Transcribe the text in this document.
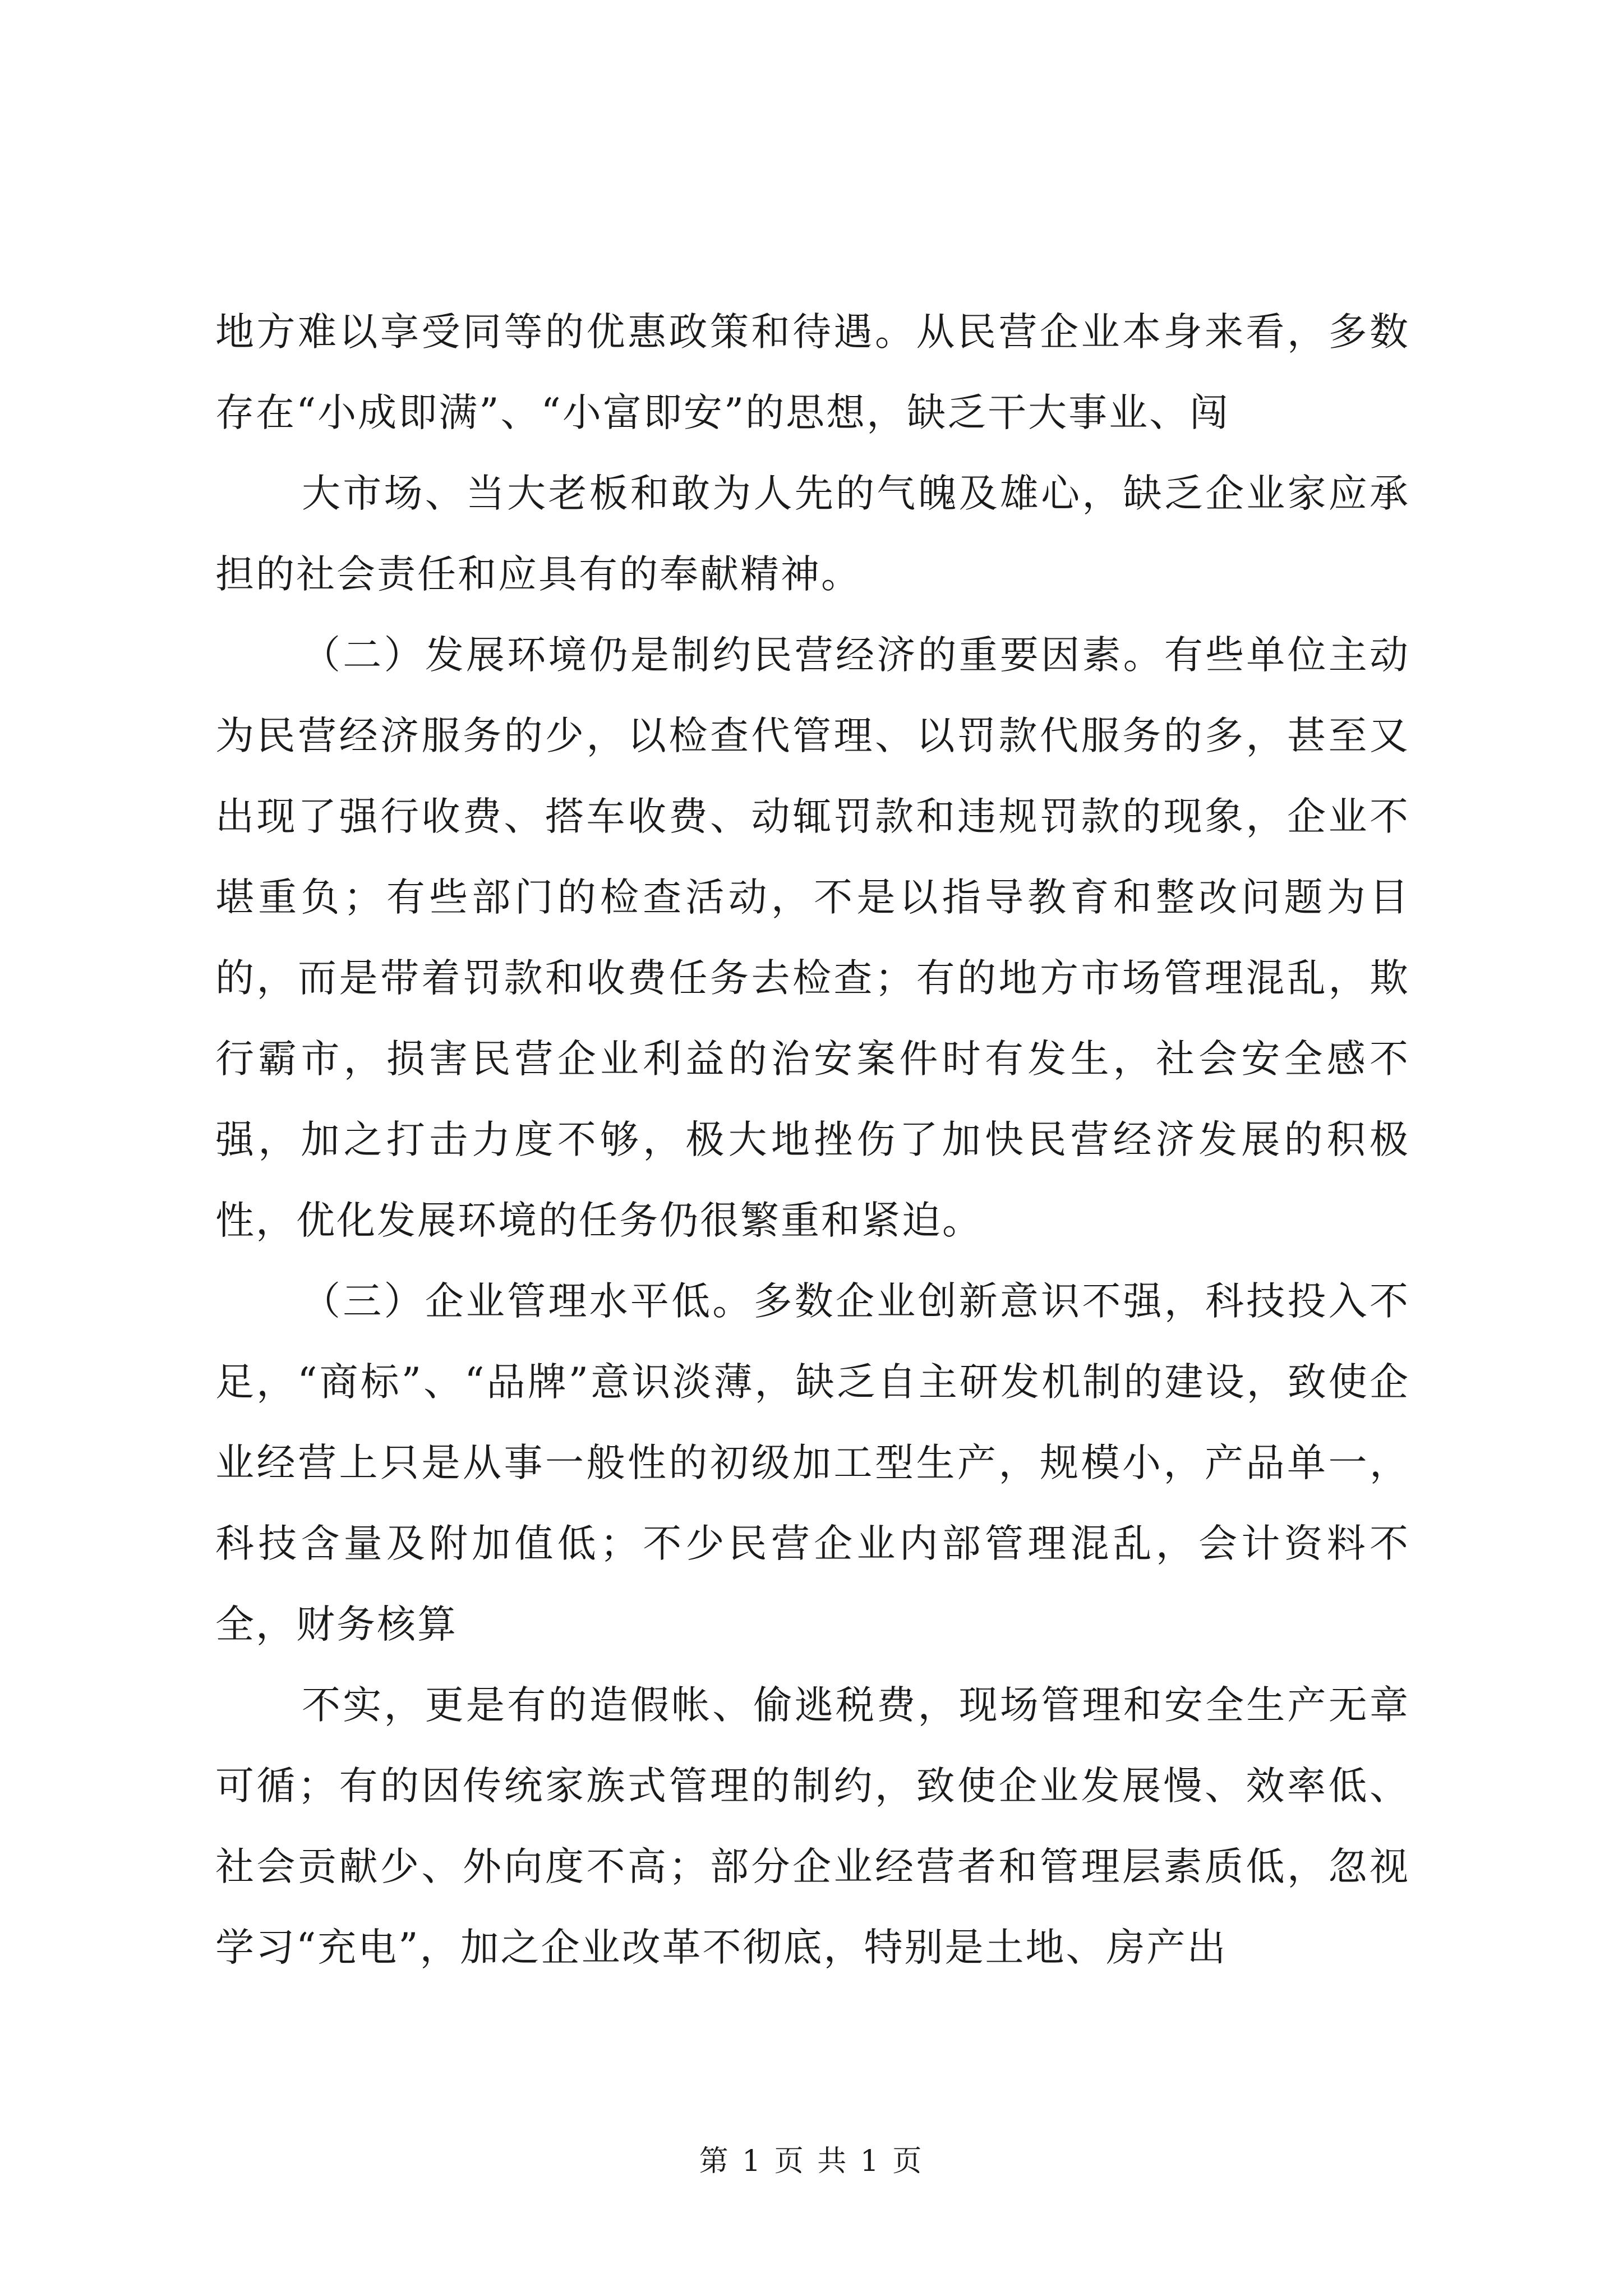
地方难以享受同等的优惠政策和待遇。从民营企业本身来看，多数存在“小成即满”、“小富即安”的思想，缺乏干大事业、闯

大市场、当大老板和敢为人先的气魄及雄心，缺乏企业家应承担的社会责任和应具有的奉献精神。

（二）发展环境仍是制约民营经济的重要因素。有些单位主动为民营经济服务的少，以检查代管理、以罚款代服务的多，甚至又出现了强行收费、搭车收费、动辄罚款和违规罚款的现象，企业不堪重负；有些部门的检查活动，不是以指导教育和整改问题为目的，而是带着罚款和收费任务去检查；有的地方市场管理混乱，欺行霸市，损害民营企业利益的治安案件时有发生，社会安全感不强，加之打击力度不够，极大地挫伤了加快民营经济发展的积极性，优化发展环境的任务仍很繁重和紧迫。

（三）企业管理水平低。多数企业创新意识不强，科技投入不足，“商标”、“品牌”意识淡薄，缺乏自主研发机制的建设，致使企业经营上只是从事一般性的初级加工型生产，规模小，产品单一，科技含量及附加值低；不少民营企业内部管理混乱，会计资料不全，财务核算

不实，更是有的造假帐、偷逃税费，现场管理和安全生产无章可循；有的因传统家族式管理的制约，致使企业发展慢、效率低、社会贡献少、外向度不高；部分企业经营者和管理层素质低，忽视学习“充电”，加之企业改革不彻底，特别是土地、房产出

第 1 页 共 1 页
